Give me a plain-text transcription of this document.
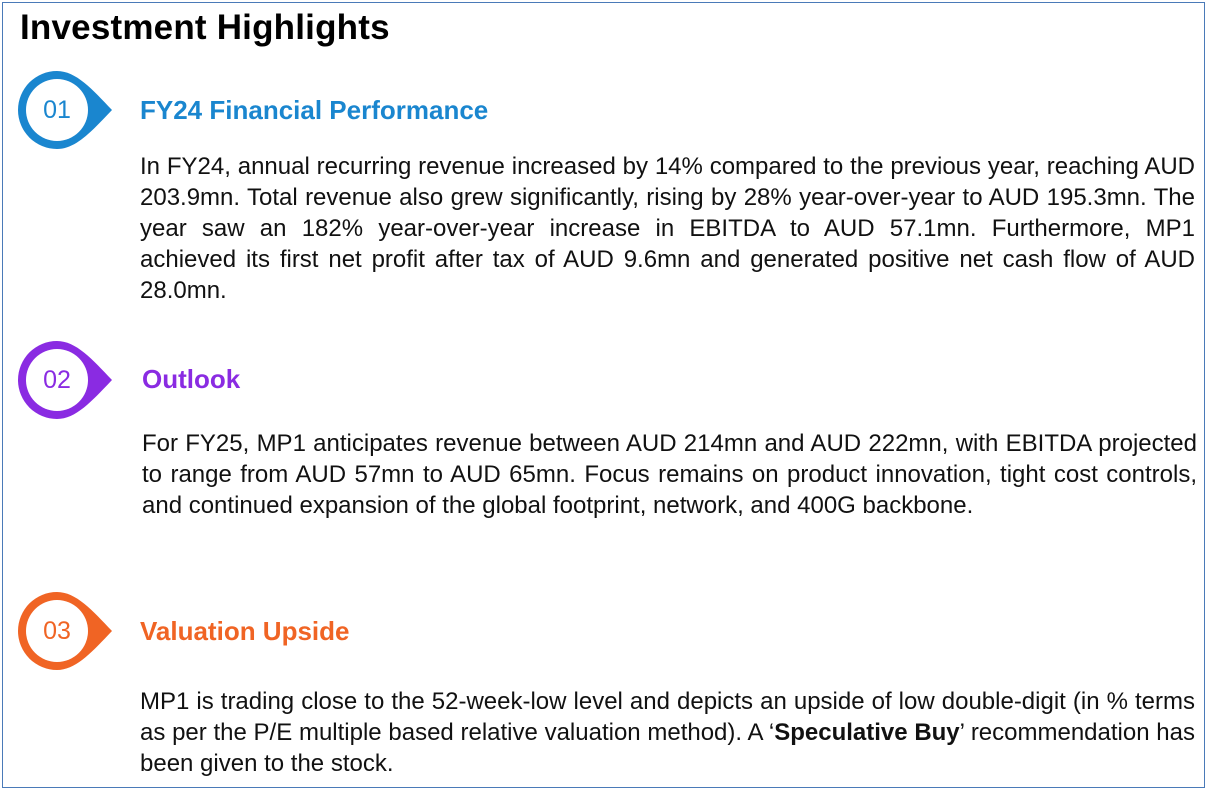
Investment Highlights
01	FY24 Financial Performance
In FY24, annual recurring revenue increased by 14% compared to the previous year, reaching AUD 203.9mn. Total revenue also grew significantly, rising by 28% year-over-year to AUD 195.3mn. The year saw an 182% year-over-year increase in EBITDA to AUD 57.1mn. Furthermore, MP1 achieved its first net profit after tax of AUD 9.6mn and generated positive net cash flow of AUD 28.0mn.
02	Outlook
For FY25, MP1 anticipates revenue between AUD 214mn and AUD 222mn, with EBITDA projected to range from AUD 57mn to AUD 65mn. Focus remains on product innovation, tight cost controls, and continued expansion of the global footprint, network, and 400G backbone.
03	Valuation Upside
MP1 is trading close to the 52-week-low level and depicts an upside of low double-digit (in % terms as per the P/E multiple based relative valuation method). A ‘Speculative Buy’ recommendation has been given to the stock.
